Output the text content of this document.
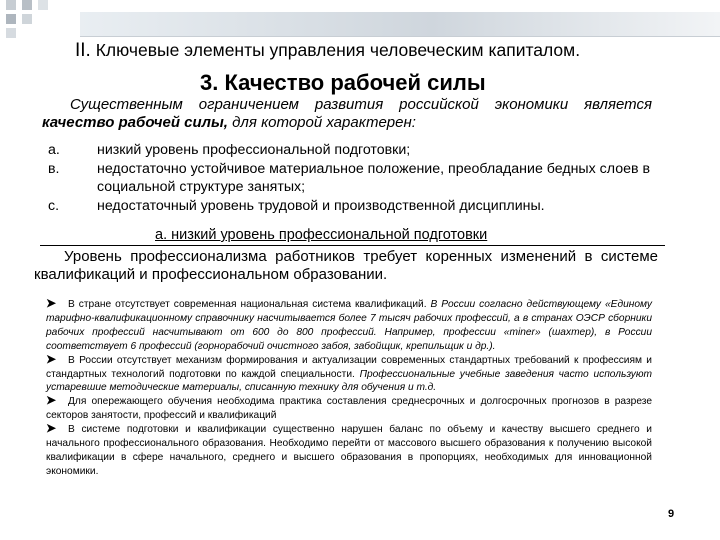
II. Ключевые элементы управления человеческим капиталом.
3. Качество рабочей силы
Существенным ограничением развития российской экономики является качество рабочей силы, для которой характерен:
a.	низкий уровень профессиональной подготовки;
в.	недостаточно устойчивое материальное положение, преобладание бедных слоев в социальной структуре занятых;
c.	недостаточный уровень трудовой и производственной дисциплины.
а. низкий уровень профессиональной подготовки
Уровень профессионализма работников требует коренных изменений в системе квалификаций и профессиональном образовании.
➤ В стране отсутствует современная национальная система квалификаций. В России согласно действующему «Единому тарифно-квалификационному справочнику насчитывается более 7 тысяч рабочих профессий, а в странах ОЭСР сборники рабочих профессий насчитывают от 600 до 800 профессий. Например, профессии «miner» (шахтер), в России соответствует 6 профессий (горнорабочий очистного забоя, забойщик, крепильщик и др.).
➤ В России отсутствует механизм формирования и актуализации современных стандартных требований к профессиям и стандартных технологий подготовки по каждой специальности. Профессиональные учебные заведения часто используют устаревшие методические материалы, списанную технику для обучения и т.д.
➤ Для опережающего обучения необходима практика составления среднесрочных и долгосрочных прогнозов в разрезе секторов занятости, профессий и квалификаций
➤ В системе подготовки и квалификации существенно нарушен баланс по объему и качеству высшего среднего и начального профессионального образования. Необходимо перейти от массового высшего образования к получению высокой квалификации в сфере начального, среднего и высшего образования в пропорциях, необходимых для инновационной экономики.
9
